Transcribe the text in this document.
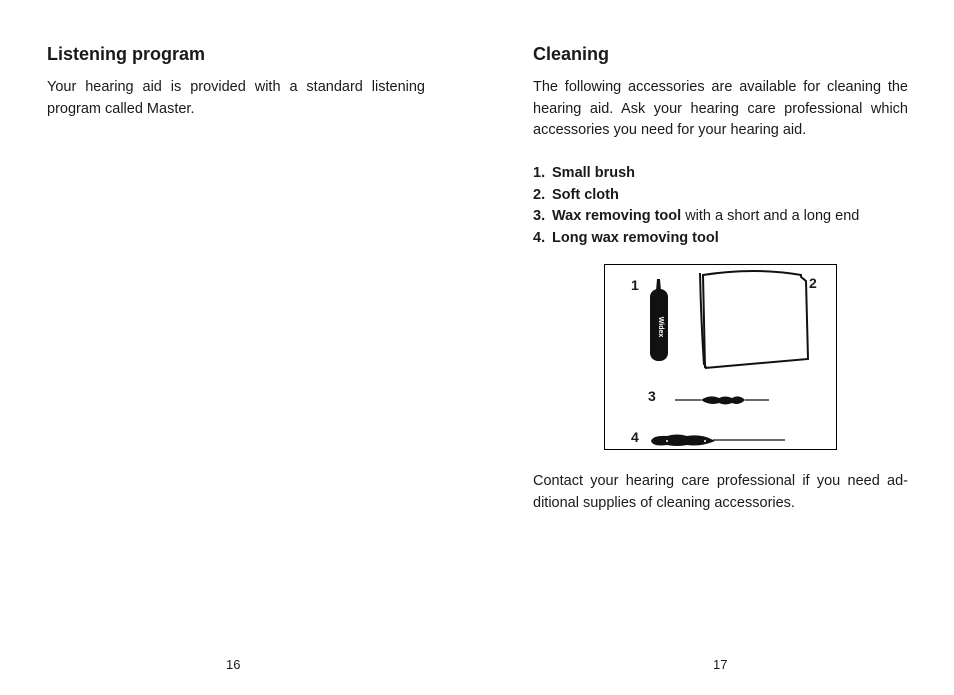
Listening program

Your hearing aid is provided with a standard listening program called Master.

16
Cleaning

The following accessories are available for cleaning the hearing aid. Ask your hearing care professional which accessories you need for your hearing aid.

1. Small brush
2. Soft cloth
3. Wax removing tool with a short and a long end
4. Long wax removing tool
Widex
1	2
3
4

Contact your hearing care professional if you need ad-ditional supplies of cleaning accessories.

17
